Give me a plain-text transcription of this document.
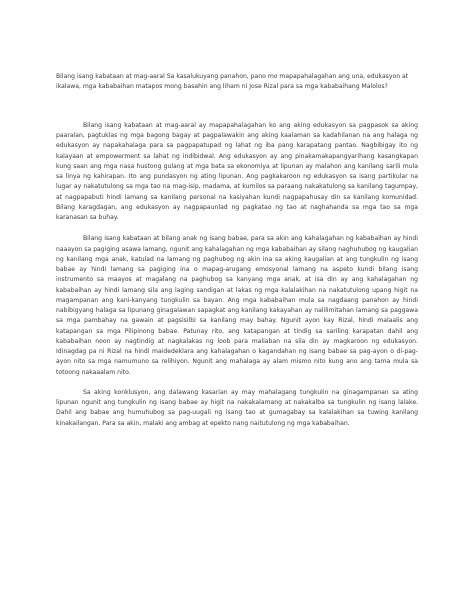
Bilang isang kabataan at mag-aaral Sa kasalukuyang panahon, pano mo mapapahalagahan ang una, edukasyon at ikalawa, mga kababaihan matapos mong basahin ang liham ni Jose Rizal para sa mga kababaihang Malolos?

Bilang isang kabataan at mag-aaral ay mapapahalagahan ko ang aking edukasyon sa pagpasok sa aking paaralan, pagtuklas ng mga bagong bagay at pagpalawakin ang aking kaalaman sa kadahilanan na ang halaga ng edukasyon ay napakahalaga para sa pagpapatupad ng lahat ng iba pang karapatang pantao. Nagbibigay ito ng kalayaan at empowerment sa lahat ng indibidwal. Ang edukasyon ay ang pinakamakapangyarihang kasangkapan kung saan ang mga nasa hustong gulang at mga bata sa ekonomiya at lipunan ay malahon ang kanilang sarili mula sa linya ng kahirapan. Ito ang pundasyon ng ating lipunan. Ang pagkakaroon ng edukasyon sa isang partikular na lugar ay nakatutulong sa mga tao na mag-isip, madama, at kumilos sa paraang nakakatulong sa kanilang tagumpay, at nagpapabuti hindi lamang sa kanilang personal na kasiyahan kundi nagpapahusay din sa kanilang komunidad. Bilang karagdagan, ang edukasyon ay nagpapaunlad ng pagkatao ng tao at naghahanda sa mga tao sa mga karanasan sa buhay.

Bilang isang kabataan at bilang anak ng isang babae, para sa akin ang kahalagahan ng kababaihan ay hindi naaayon sa pagiging asawa lamang, ngunit ang kahalagahan ng mga kababaihan ay silang naghuhubog ng kaugalian ng kanilang mga anak, katulad na lamang ng paghubog ng akin ina sa aking kaugalian at ang tungkulin ng isang babae ay hindi lamang sa pagiging ina o mapag-arugang emosyonal lamang na aspeto kundi bilang isang instrumento sa maayos at magalang na paghubog sa kanyang mga anak, at isa din ay ang kahalagahan ng kababaihan ay hindi lamang sila ang laging sandigan at lakas ng mga kalalakihan na nakatutulong upang higit na magampanan ang kani-kanyang tungkulin sa bayan. Ang mga kababaihan mula sa nagdaang panahon ay hindi nabibigyang halaga sa lipunang ginagalawan sapagkat ang kanilang kakayahan ay nalilimitahan lamang sa paggawa sa mga pambahay na gawain at pagsisilbi sa kanilang may bahay. Ngunit ayon kay Rizal, hindi malaalis ang katapangan sa mga Pilipinong babae. Patunay rito, ang katapangan at tindig sa sariling karapatan dahil ang kababaihan noon ay nagtindig at nagkalakas ng loob para maliaban na sila din ay magkaroon ng edukasyon. Idinagdag pa ni Rizal na hindi maidedeklara ang kahalagahan o kagandahan ng isang babae sa pag-ayon o di-pag-ayon nito sa mga namumuno sa relihiyon. Ngunit ang mahalaga ay alam mismo nito kung ano ang tama mula sa totoong nakaaalam nito.

Sa aking konklusyon, ang dalawang kasarian ay may mahalagang tungkulin na ginagampanan sa ating lipunan ngunit ang tungkulin ng isang babae ay higit na nakakalamang at nakakalba sa tungkulin ng isang lalake. Dahil ang babae ang humuhubog sa pag-uugali ng isang tao at gumagabay sa kalalakihan sa tuwing kanilang kinakailangan. Para sa akin, malaki ang ambag at epekto nang naitutulong ng mga kababaihan.
